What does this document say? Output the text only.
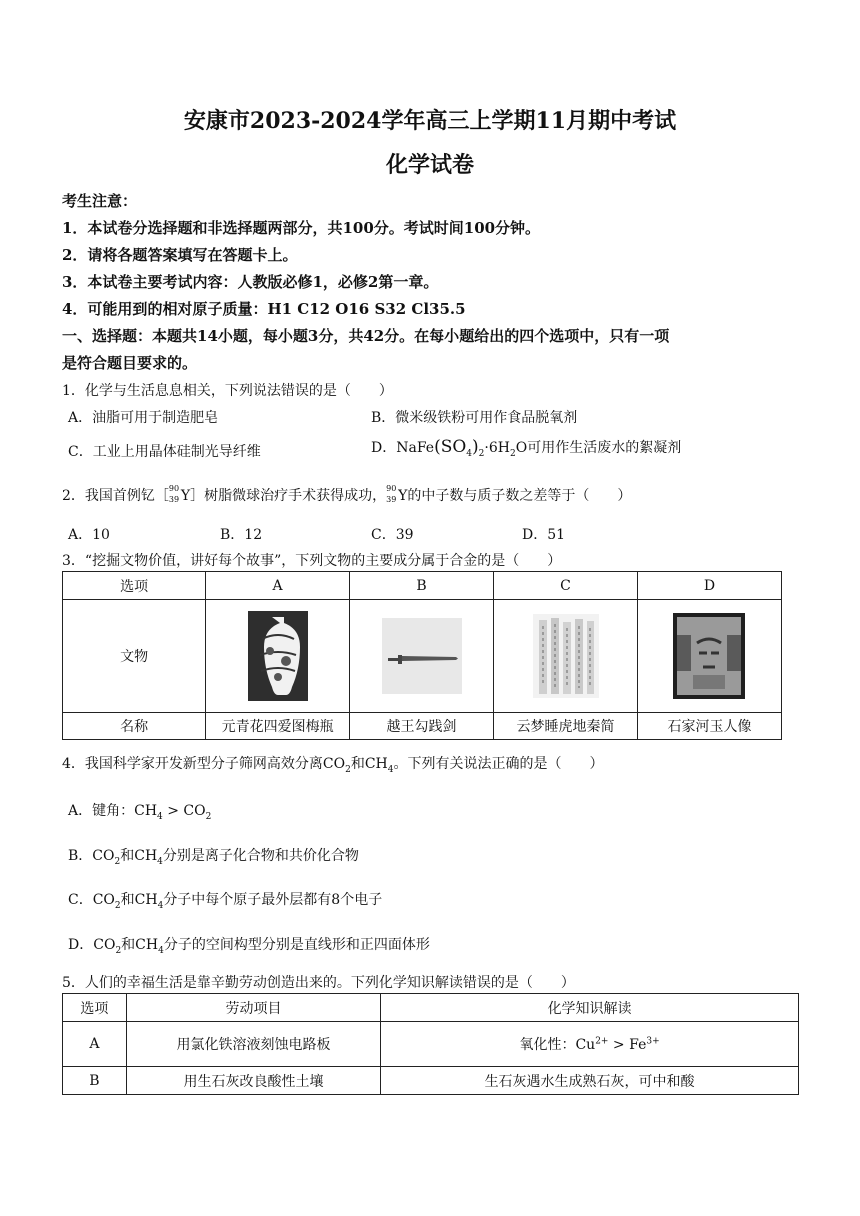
安康市2023-2024学年高三上学期11月期中考试
化学试卷
考生注意：
1．本试卷分选择题和非选择题两部分，共100分。考试时间100分钟。
2．请将各题答案填写在答题卡上。
3．本试卷主要考试内容：人教版必修1，必修2第一章。
4．可能用到的相对原子质量：H1 C12 O16 S32 Cl35.5
一、选择题：本题共14小题，每小题3分，共42分。在每小题给出的四个选项中，只有一项
是符合题目要求的。
1．化学与生活息息相关，下列说法错误的是（　　）
A．油脂可用于制造肥皂	B．微米级铁粉可用作食品脱氧剂
C．工业上用晶体硅制光导纤维	D．$NaFe(SO_4)_2\cdot 6H_2O$可用作生活废水的絮凝剂
2．我国首例钇［ 90
39 Y］树脂微球治疗手术获得成功， 90
39 Y的中子数与质子数之差等于（　　）
A．10	B．12	C．39	D．51
3．“挖掘文物价值，讲好每个故事”，下列文物的主要成分属于合金的是（　　）
选项	A	B	C	D
文物	

名称	元青花四爱图梅瓶	越王勾践剑	云梦睡虎地秦简	石家河玉人像
4．我国科学家开发新型分子筛网高效分离$CO_2$和$CH_4$。下列有关说法正确的是（　　）
A．键角：$CH_4 > CO_2$
B．$CO_2$和$CH_4$分别是离子化合物和共价化合物
C．$CO_2$和$CH_4$分子中每个原子最外层都有8个电子
D．$CO_2$和$CH_4$分子的空间构型分别是直线形和正四面体形
5．人们的幸福生活是靠辛勤劳动创造出来的。下列化学知识解读错误的是（　　）
选项	劳动项目	化学知识解读
A	用氯化铁溶液刻蚀电路板	氧化性：$Cu^{2+} > Fe^{3+}$
B	用生石灰改良酸性土壤	生石灰遇水生成熟石灰，可中和酸
